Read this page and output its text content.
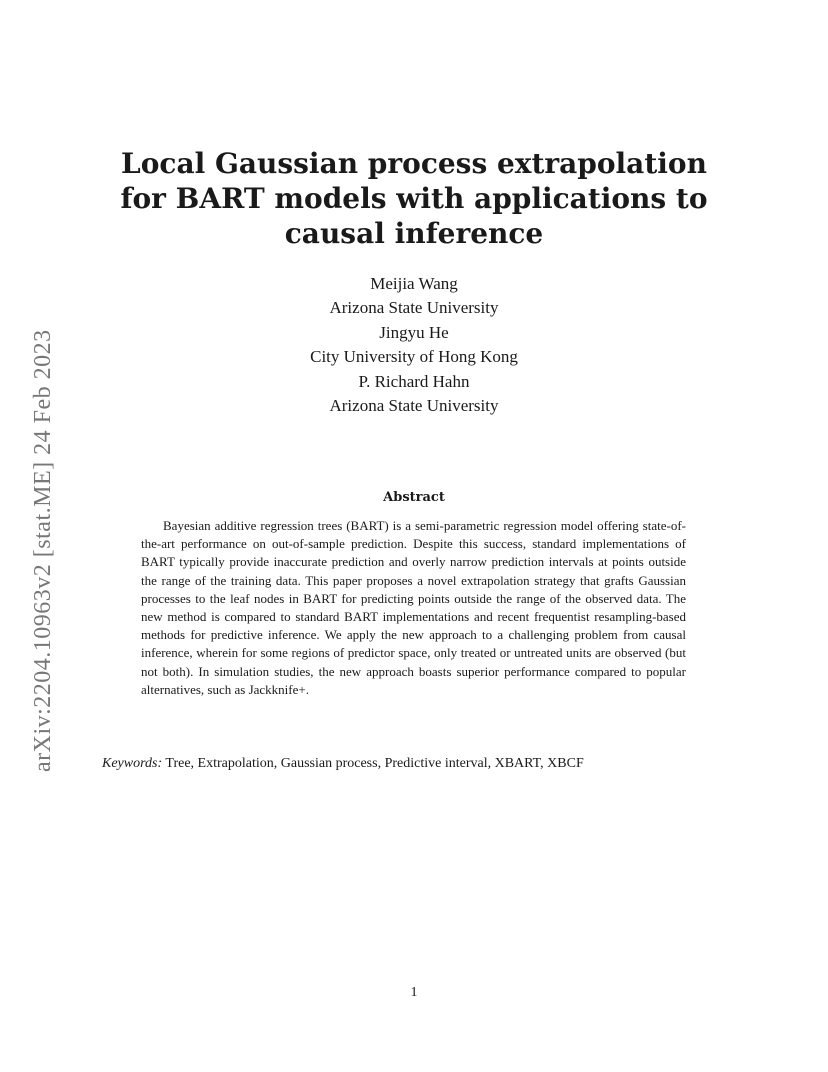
arXiv:2204.10963v2 [stat.ME] 24 Feb 2023
Local Gaussian process extrapolation for BART models with applications to causal inference
Meijia Wang
Arizona State University
Jingyu He
City University of Hong Kong
P. Richard Hahn
Arizona State University
Abstract

Bayesian additive regression trees (BART) is a semi-parametric regression model offering state-of-the-art performance on out-of-sample prediction. Despite this success, standard implementations of BART typically provide inaccurate prediction and overly narrow prediction intervals at points outside the range of the training data. This paper proposes a novel extrapolation strategy that grafts Gaussian processes to the leaf nodes in BART for predicting points outside the range of the observed data. The new method is compared to standard BART implementations and recent frequentist resampling-based methods for predictive inference. We apply the new approach to a challenging problem from causal inference, wherein for some regions of predictor space, only treated or untreated units are observed (but not both). In simulation studies, the new approach boasts superior performance compared to popular alternatives, such as Jackknife+.

Keywords: Tree, Extrapolation, Gaussian process, Predictive interval, XBART, XBCF
1
